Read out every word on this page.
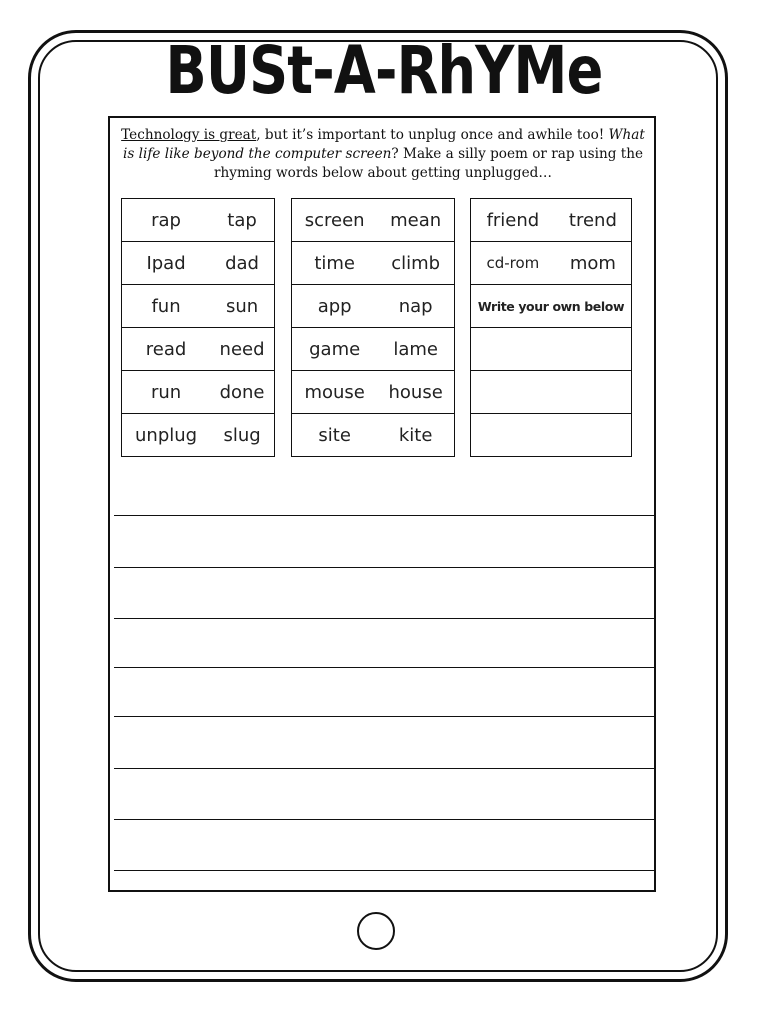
BUSt-A-RhYMe
Technology is great, but it’s important to unplug once and awhile too! What is life like beyond the computer screen? Make a silly poem or rap using the rhyming words below about getting unplugged…
rap	tap
Ipad	dad
fun	sun
read	need
run	done
unplug	slug
screen	mean
time	climb
app	nap
game	lame
mouse	house
site	kite
friend	trend
cd-rom	mom
Write your own below	
